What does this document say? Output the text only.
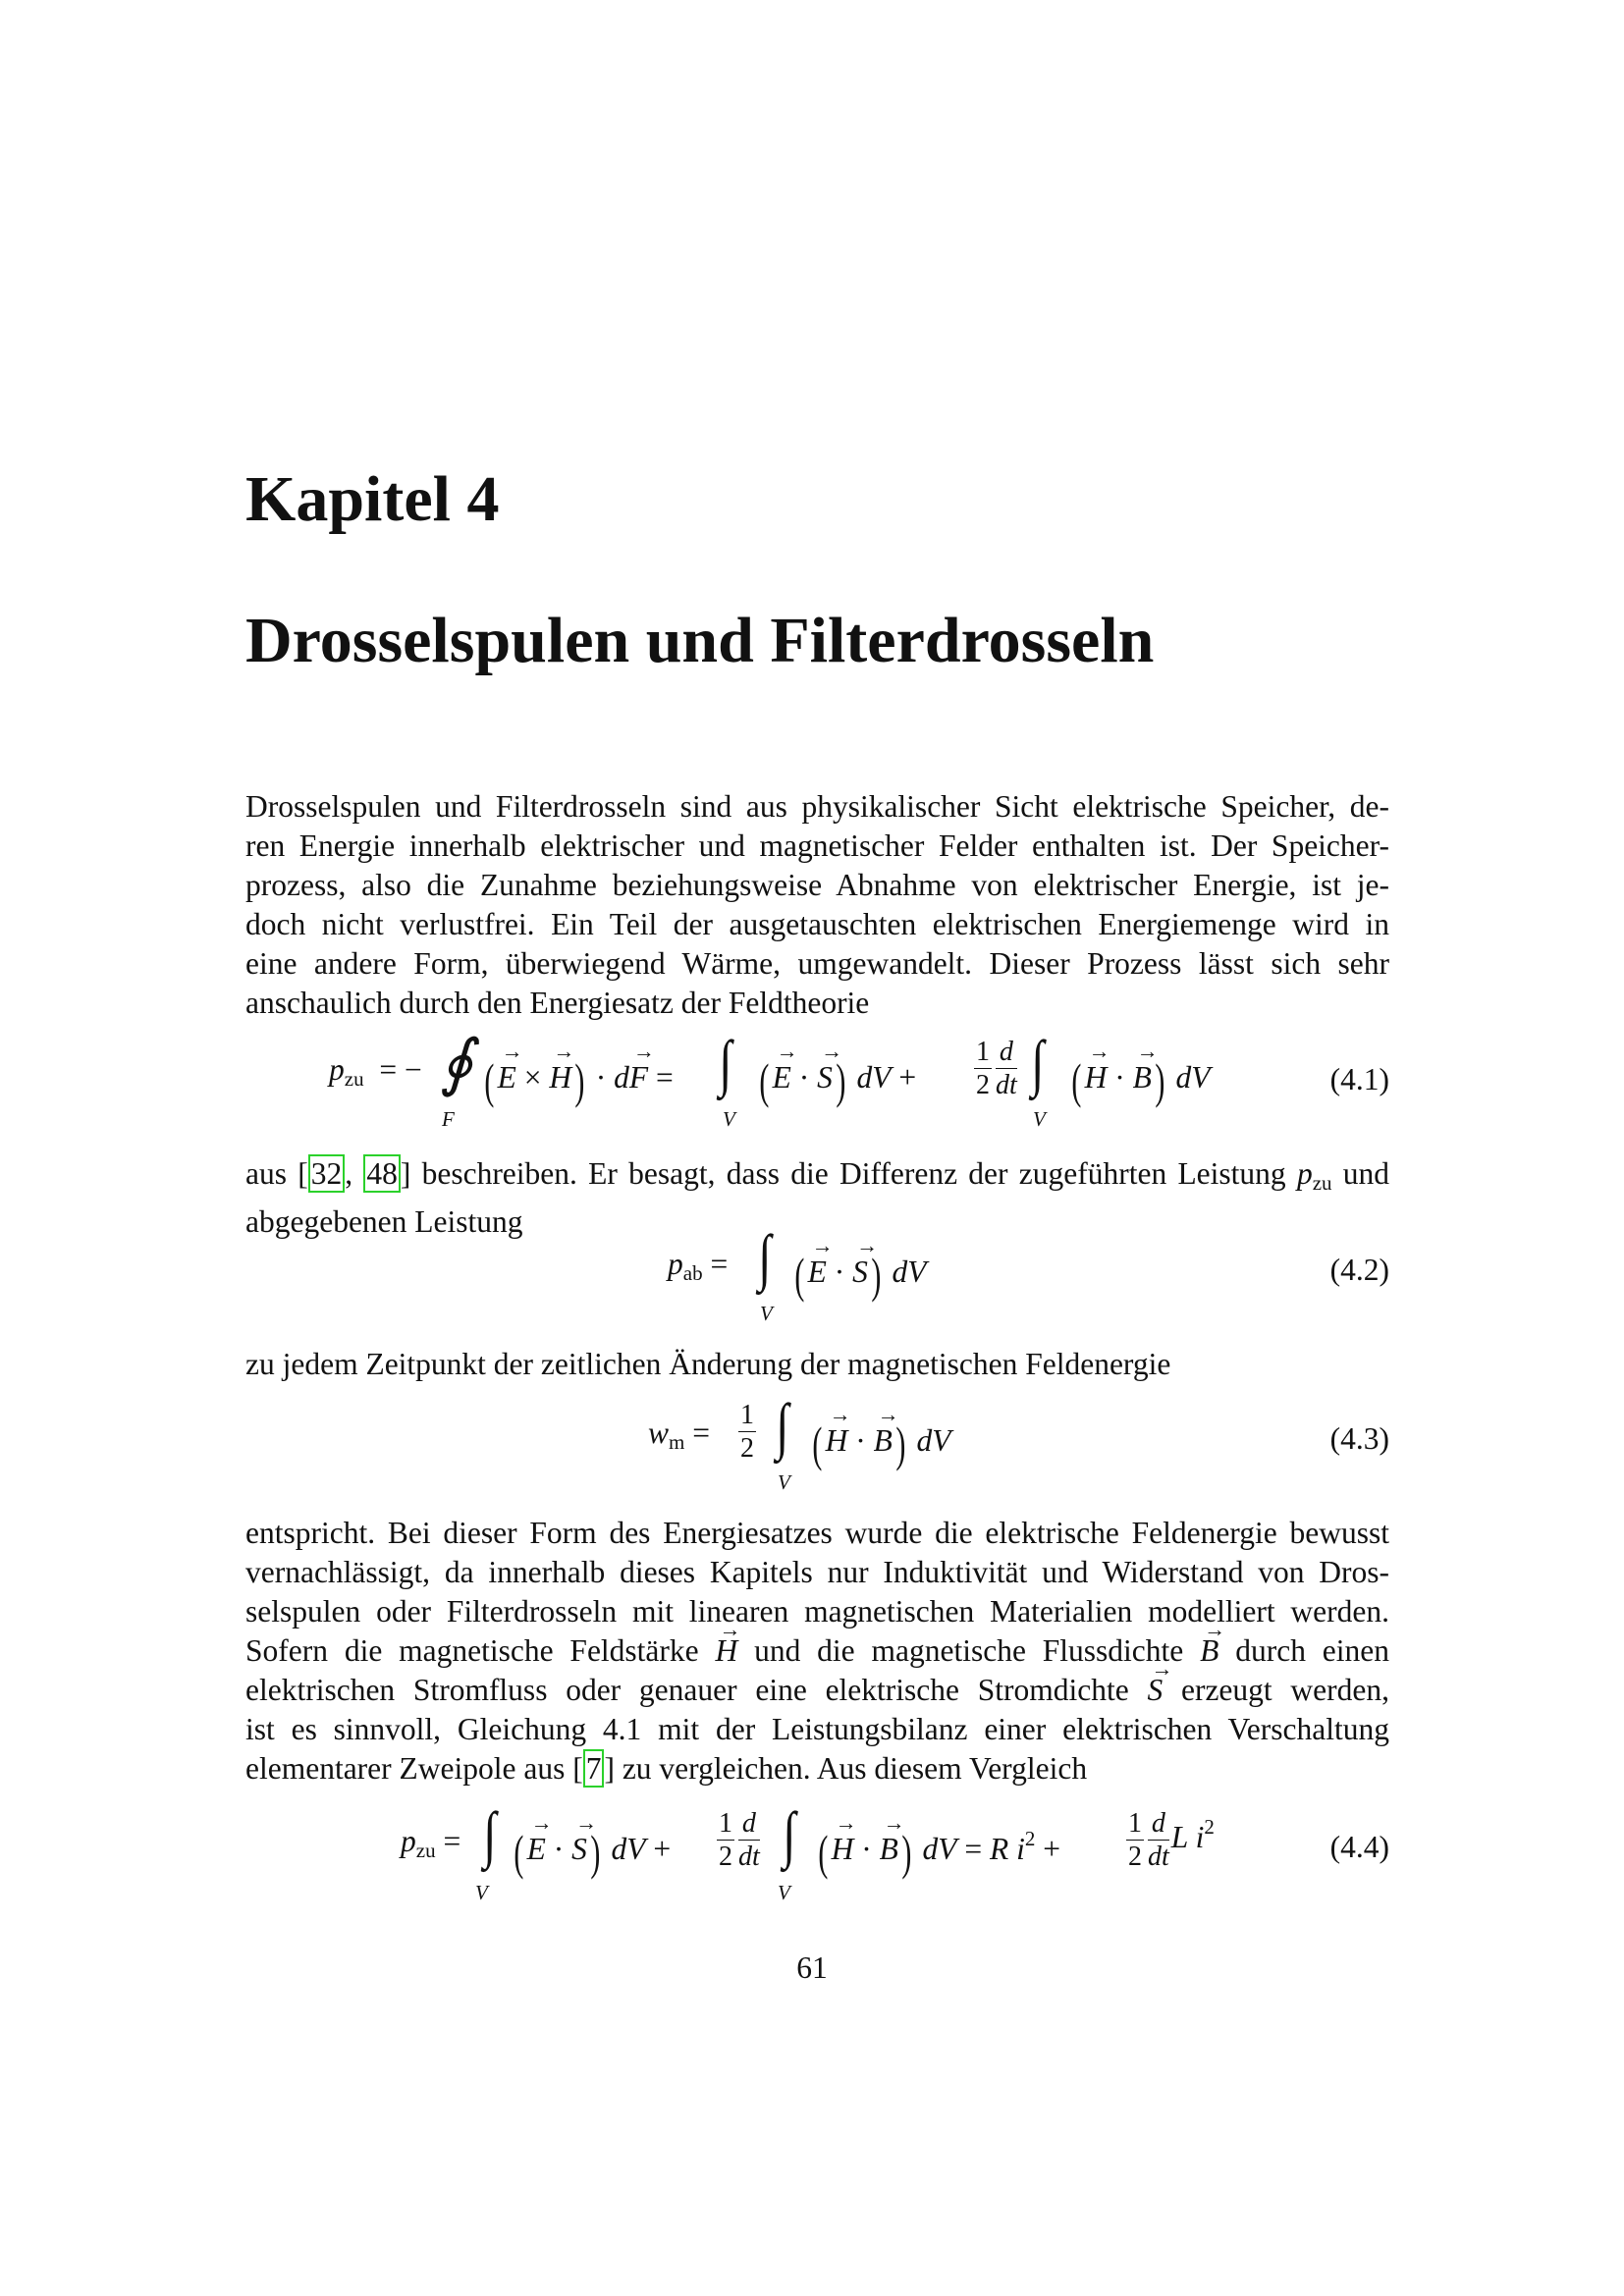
Kapitel 4
Drosselspulen und Filterdrosseln
Drosselspulen und Filterdrosseln sind aus physikalischer Sicht elektrische Speicher, de-
ren Energie innerhalb elektrischer und magnetischer Felder enthalten ist. Der Speicher-
prozess, also die Zunahme beziehungsweise Abnahme von elektrischer Energie, ist je-
doch nicht verlustfrei. Ein Teil der ausgetauschten elektrischen Energiemenge wird in
eine andere Form, überwiegend Wärme, umgewandelt. Dieser Prozess lässt sich sehr
anschaulich durch den Energiesatz der Feldtheorie
$p_{zu}$  = − ∮
F
( → E × → H) · d→ F = ∫
V
( → E · → S) dV + $\frac{1}{2} \frac{d}{dt}$ ∫
V
( → H · → B) dV	(4.1)
aus [32, 48] beschreiben. Er besagt, dass die Differenz der zugeführten Leistung $p_{zu}$ und
abgegebenen Leistung
$p_{ab}$ = ∫
V
( → E · → S) dV	(4.2)
zu jedem Zeitpunkt der zeitlichen Änderung der magnetischen Feldenergie
$w_m = \frac{1}{2}$ ∫
V
( → H · → B) dV	(4.3)
entspricht. Bei dieser Form des Energiesatzes wurde die elektrische Feldenergie bewusst
vernachlässigt, da innerhalb dieses Kapitels nur Induktivität und Widerstand von Dros-
selspulen oder Filterdrosseln mit linearen magnetischen Materialien modelliert werden.
Sofern die magnetische Feldstärke → H und die magnetische Flussdichte → B durch einen
elektrischen Stromfluss oder genauer eine elektrische Stromdichte → S erzeugt werden,
ist es sinnvoll, Gleichung 4.1 mit der Leistungsbilanz einer elektrischen Verschaltung
elementarer Zweipole aus [7] zu vergleichen. Aus diesem Vergleich
$p_{zu}$ = ∫
V
( → E · → S) dV + $\frac{1}{2} \frac{d}{dt}$ ∫
V
( → H · → B) dV = R $i^2 + \frac{1}{2} \frac{d}{dt}$ L $i^2$
(4.4)
61
